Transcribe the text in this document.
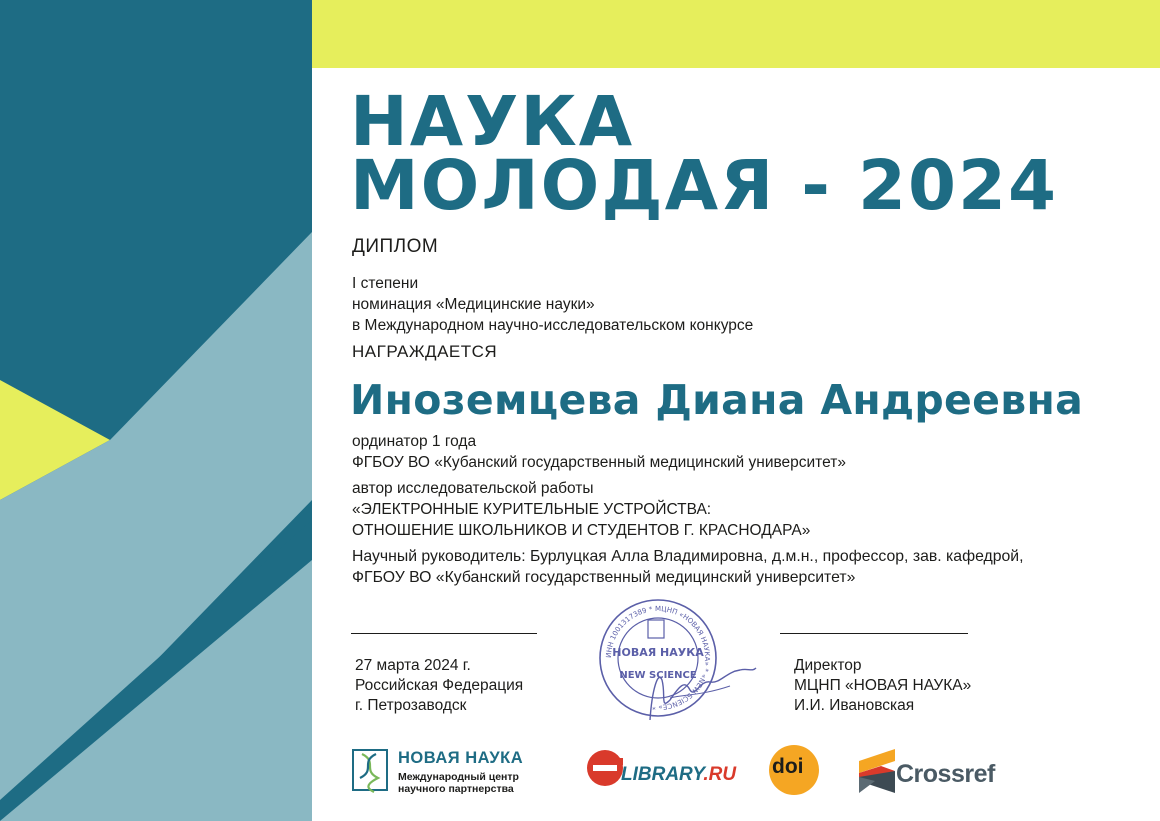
НАУКА
МОЛОДАЯ - 2024
ДИПЛОМ
I степени
номинация «Медицинские науки»
в Международном научно-исследовательском конкурсе
НАГРАЖДАЕТСЯ
Иноземцева Диана Андреевна
ординатор 1 года
ФГБОУ ВО «Кубанский государственный медицинский университет»
автор исследовательской работы
«ЭЛЕКТРОННЫЕ КУРИТЕЛЬНЫЕ УСТРОЙСТВА:
ОТНОШЕНИЕ ШКОЛЬНИКОВ И СТУДЕНТОВ Г. КРАСНОДАРА»
Научный руководитель: Бурлуцкая Алла Владимировна, д.м.н., профессор, зав. кафедрой,
ФГБОУ ВО «Кубанский государственный медицинский университет»
27 марта 2024 г.
Российская Федерация
г. Петрозаводск
Директор
МЦНП «НОВАЯ НАУКА»
И.И. Ивановская
ИНН 1001317389 * МЦНП «НОВАЯ НАУКА» * «NEW SCIENCE» *
НОВАЯ НАУКА
NEW SCIENCE
НОВАЯ НАУКА
Международный центр
научного партнерства
LIBRARY.RU doi	Crossref
